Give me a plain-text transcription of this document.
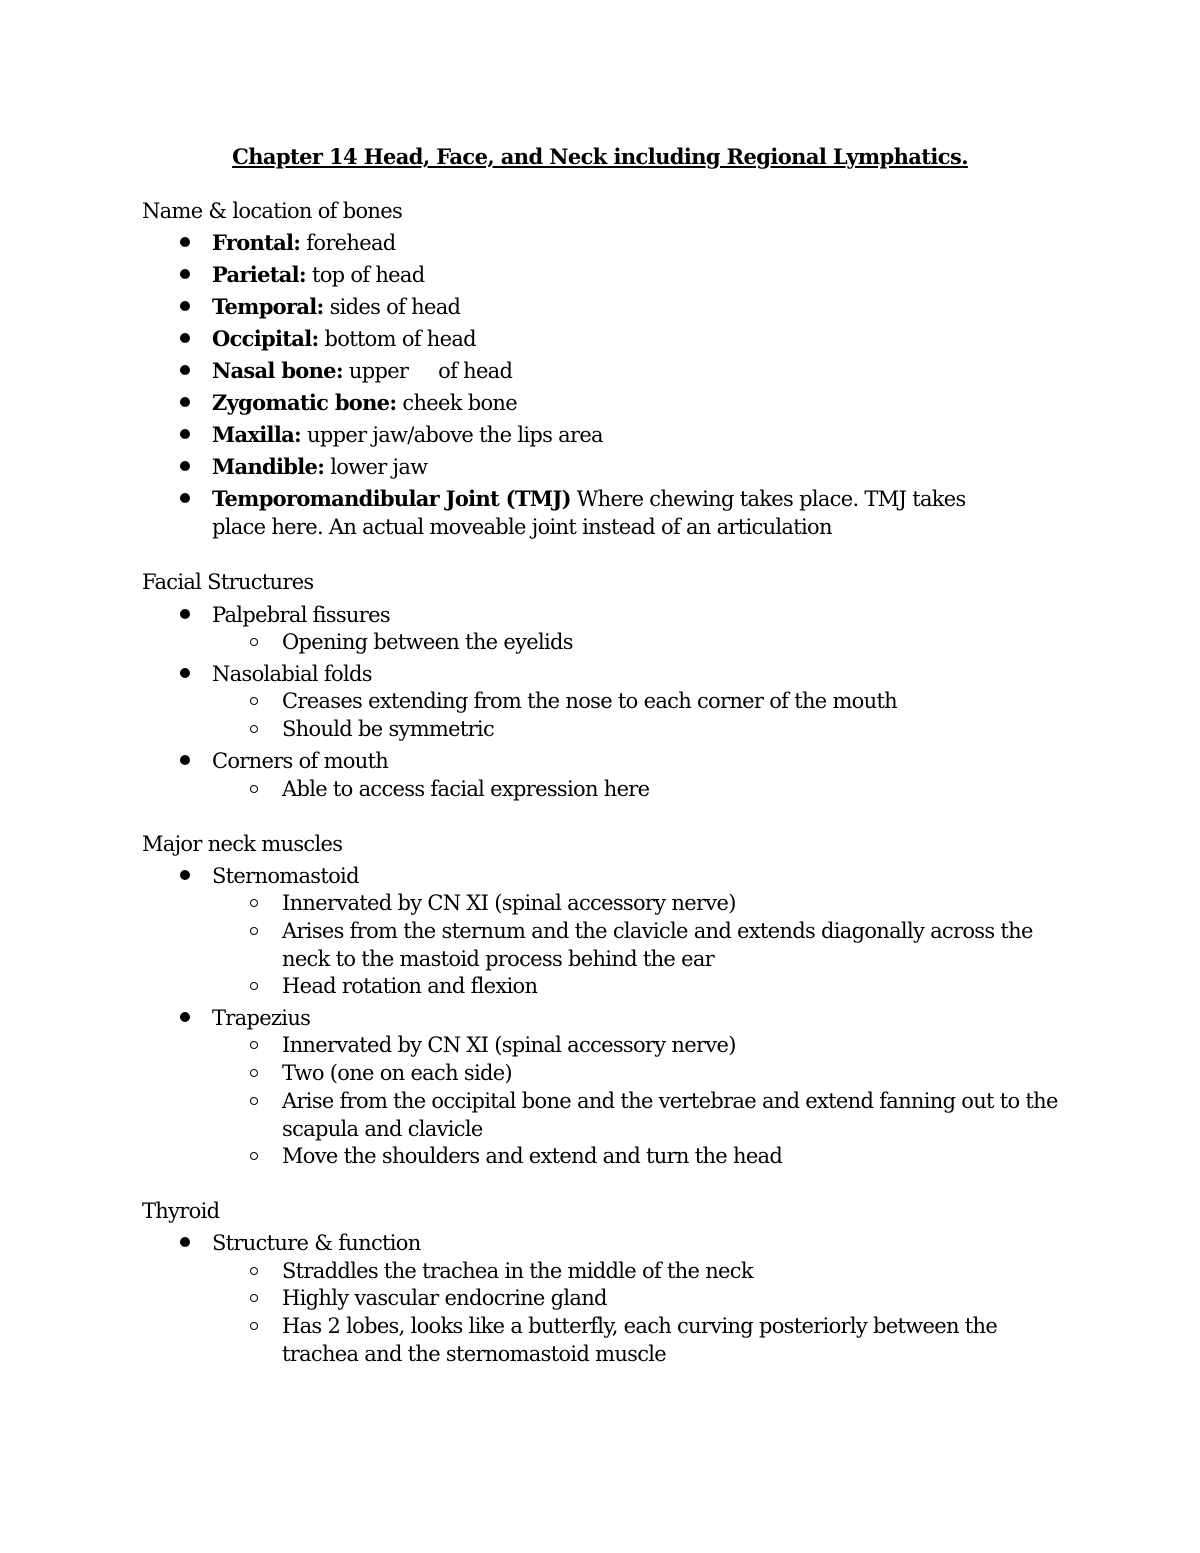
Chapter 14 Head, Face, and Neck including Regional Lymphatics.
Name & location of bones
Frontal: forehead
Parietal: top of head
Temporal: sides of head
Occipital: bottom of head
Nasal bone: upper     of head
Zygomatic bone: cheek bone
Maxilla: upper jaw/above the lips area
Mandible: lower jaw
Temporomandibular Joint (TMJ) Where chewing takes place. TMJ takes place here. An actual moveable joint instead of an articulation
Facial Structures
Palpebral fissures
Opening between the eyelids
Nasolabial folds
Creases extending from the nose to each corner of the mouth
Should be symmetric
Corners of mouth
Able to access facial expression here
Major neck muscles
Sternomastoid
Innervated by CN XI (spinal accessory nerve)
Arises from the sternum and the clavicle and extends diagonally across the neck to the mastoid process behind the ear
Head rotation and flexion
Trapezius
Innervated by CN XI (spinal accessory nerve)
Two (one on each side)
Arise from the occipital bone and the vertebrae and extend fanning out to the scapula and clavicle
Move the shoulders and extend and turn the head
Thyroid
Structure & function
Straddles the trachea in the middle of the neck
Highly vascular endocrine gland
Has 2 lobes, looks like a butterfly, each curving posteriorly between the trachea and the sternomastoid muscle
